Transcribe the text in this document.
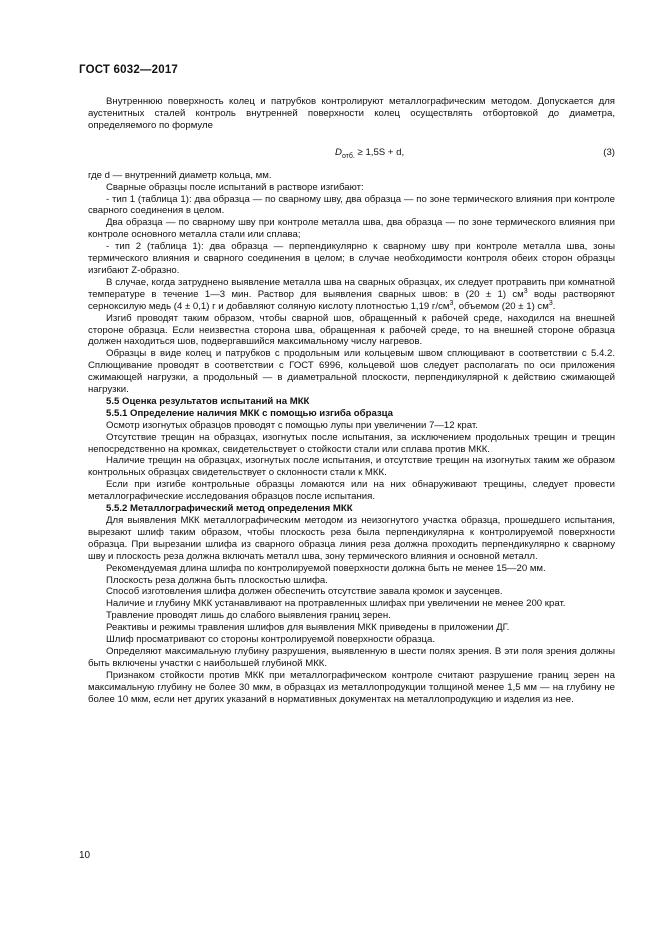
ГОСТ 6032—2017

Внутреннюю поверхность колец и патрубков контролируют металлографическим методом. Допускается для аустенитных сталей контроль внутренней поверхности колец осуществлять отбортовкой до диаметра, определяемого по формуле

$D_{отб.} \ge 1,5S + d$,	(3)

где d — внутренний диаметр кольца, мм.

Сварные образцы после испытаний в растворе изгибают:

- тип 1 (таблица 1): два образца — по сварному шву, два образца — по зоне термического влияния при контроле сварного соединения в целом.

Два образца — по сварному шву при контроле металла шва, два образца — по зоне термического влияния при контроле основного металла стали или сплава;

- тип 2 (таблица 1): два образца — перпендикулярно к сварному шву при контроле металла шва, зоны термического влияния и сварного соединения в целом; в случае необходимости контроля обеих сторон образцы изгибают Z-образно.

В случае, когда затруднено выявление металла шва на сварных образцах, их следует протравить при комнатной температуре в течение 1—3 мин. Раствор для выявления сварных швов: в (20 ± 1) $см^3$ воды растворяют серноксилую медь (4 ± 0,1) г и добавляют соляную кислоту плотностью 1,19 $г/см^3$, объемом (20 ± 1) $см^3$.

Изгиб проводят таким образом, чтобы сварной шов, обращенный к рабочей среде, находился на внешней стороне образца. Если неизвестна сторона шва, обращенная к рабочей среде, то на внешней стороне образца должен находиться шов, подвергавшийся максимальному числу нагревов.

Образцы в виде колец и патрубков с продольным или кольцевым швом сплющивают в соответствии с 5.4.2. Сплющивание проводят в соответствии с ГОСТ 6996, кольцевой шов следует располагать по оси приложения сжимающей нагрузки, а продольный — в диаметральной плоскости, перпендикулярной к действию сжимающей нагрузки.

5.5 Оценка результатов испытаний на МКК

5.5.1 Определение наличия МКК с помощью изгиба образца

Осмотр изогнутых образцов проводят с помощью лупы при увеличении 7—12 крат.

Отсутствие трещин на образцах, изогнутых после испытания, за исключением продольных трещин и трещин непосредственно на кромках, свидетельствует о стойкости стали или сплава против МКК.

Наличие трещин на образцах, изогнутых после испытания, и отсутствие трещин на изогнутых таким же образом контрольных образцах свидетельствует о склонности стали к МКК.

Если при изгибе контрольные образцы ломаются или на них обнаруживают трещины, следует провести металлографические исследования образцов после испытания.

5.5.2 Металлографический метод определения МКК

Для выявления МКК металлографическим методом из неизогнутого участка образца, прошедшего испытания, вырезают шлиф таким образом, чтобы плоскость реза была перпендикулярна к контролируемой поверхности образца. При вырезании шлифа из сварного образца линия реза должна проходить перпендикулярно к сварному шву и плоскость реза должна включать металл шва, зону термического влияния и основной металл.

Рекомендуемая длина шлифа по контролируемой поверхности должна быть не менее 15—20 мм.

Плоскость реза должна быть плоскостью шлифа.

Способ изготовления шлифа должен обеспечить отсутствие завала кромок и заусенцев.

Наличие и глубину МКК устанавливают на протравленных шлифах при увеличении не менее 200 крат.

Травление проводят лишь до слабого выявления границ зерен.

Реактивы и режимы травления шлифов для выявления МКК приведены в приложении ДГ.

Шлиф просматривают со стороны контролируемой поверхности образца.

Определяют максимальную глубину разрушения, выявленную в шести полях зрения. В эти поля зрения должны быть включены участки с наибольшей глубиной МКК.

Признаком стойкости против МКК при металлографическом контроле считают разрушение границ зерен на максимальную глубину не более 30 мкм, в образцах из металлопродукции толщиной менее 1,5 мм — на глубину не более 10 мкм, если нет других указаний в нормативных документах на металлопродукцию и изделия из нее.

10
